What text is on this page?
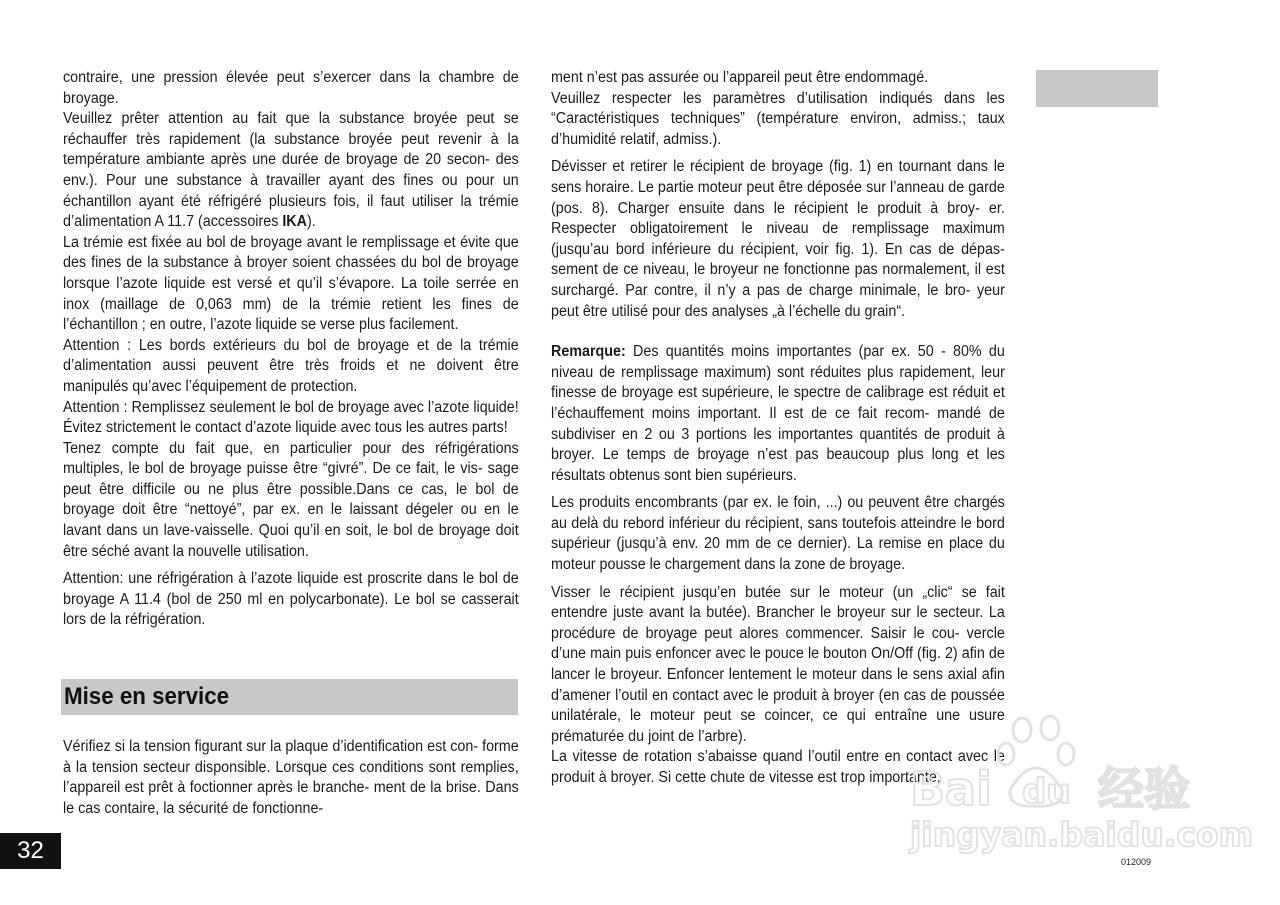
contraire, une pression élevée peut s’exercer dans la chambre de broyage.

Veuillez prêter attention au fait que la substance broyée peut se réchauffer très rapidement (la substance broyée peut revenir à la température ambiante après une durée de broyage de 20 secon- des env.). Pour une substance à travailler ayant des fines ou pour un échantillon ayant été réfrigéré plusieurs fois, il faut utiliser la trémie d’alimentation A 11.7 (accessoires IKA).

La trémie est fixée au bol de broyage avant le remplissage et évite que des fines de la substance à broyer soient chassées du bol de broyage lorsque l’azote liquide est versé et qu’il s’évapore. La toile serrée en inox (maillage de 0,063 mm) de la trémie retient les fines de l’échantillon ; en outre, l’azote liquide se verse plus facilement.

Attention : Les bords extérieurs du bol de broyage et de la trémie d’alimentation aussi peuvent être très froids et ne doivent être manipulés qu’avec l’équipement de protection.

Attention : Remplissez seulement le bol de broyage avec l’azote liquide! Évitez strictement le contact d’azote liquide avec tous les autres parts!

Tenez compte du fait que, en particulier pour des réfrigérations multiples, le bol de broyage puisse être “givré”. De ce fait, le vis- sage peut être difficile ou ne plus être possible.Dans ce cas, le bol de broyage doit être “nettoyé”, par ex. en le laissant dégeler ou en le lavant dans un lave-vaisselle. Quoi qu’il en soit, le bol de broyage doit être séché avant la nouvelle utilisation.

Attention: une réfrigération à l’azote liquide est proscrite dans le bol de broyage A 11.4 (bol de 250 ml en polycarbonate). Le bol se casserait lors de la réfrigération.

Mise en service

Vérifiez si la tension figurant sur la plaque d’identification est con- forme à la tension secteur disponsible. Lorsque ces conditions sont remplies, l’appareil est prêt à foctionner après le branche- ment de la brise. Dans le cas contaire, la sécurité de fonctionne-

ment n’est pas assurée ou l’appareil peut être endommagé.

Veuillez respecter les paramètres d’utilisation indiqués dans les “Caractéristiques techniques” (température environ, admiss.; taux d’humidité relatif, admiss.).

Dévisser et retirer le récipient de broyage (fig. 1) en tournant dans le sens horaire. Le partie moteur peut être déposée sur l’anneau de garde (pos. 8). Charger ensuite dans le récipient le produit à broy- er. Respecter obligatoirement le niveau de remplissage maximum (jusqu’au bord inférieure du récipient, voir fig. 1). En cas de dépas- sement de ce niveau, le broyeur ne fonctionne pas normalement, il est surchargé. Par contre, il n’y a pas de charge minimale, le bro- yeur peut être utilisé pour des analyses „à l’échelle du grain“.

Remarque: Des quantités moins importantes (par ex. 50 - 80% du niveau de remplissage maximum) sont réduites plus rapidement, leur finesse de broyage est supérieure, le spectre de calibrage est réduit et l’échauffement moins important. Il est de ce fait recom- mandé de subdiviser en 2 ou 3 portions les importantes quantités de produit à broyer. Le temps de broyage n’est pas beaucoup plus long et les résultats obtenus sont bien supérieurs.

Les produits encombrants (par ex. le foin, ...) ou peuvent être chargés au delà du rebord inférieur du récipient, sans toutefois atteindre le bord supérieur (jusqu’à env. 20 mm de ce dernier). La remise en place du moteur pousse le chargement dans la zone de broyage.

Visser le récipient jusqu’en butée sur le moteur (un „clic“ se fait entendre juste avant la butée). Brancher le broyeur sur le secteur. La procédure de broyage peut alores commencer. Saisir le cou- vercle d’une main puis enfoncer avec le pouce le bouton On/Off (fig. 2) afin de lancer le broyeur. Enfoncer lentement le moteur dans le sens axial afin d’amener l’outil en contact avec le produit à broyer (en cas de poussée unilatérale, le moteur peut se coincer, ce qui entraîne une usure prématurée du joint de l’arbre).

La vitesse de rotation s’abaisse quand l’outil entre en contact avec le produit à broyer. Si cette chute de vitesse est trop importante,

32	012009
Bai du 经验
jingyan.baidu.com
